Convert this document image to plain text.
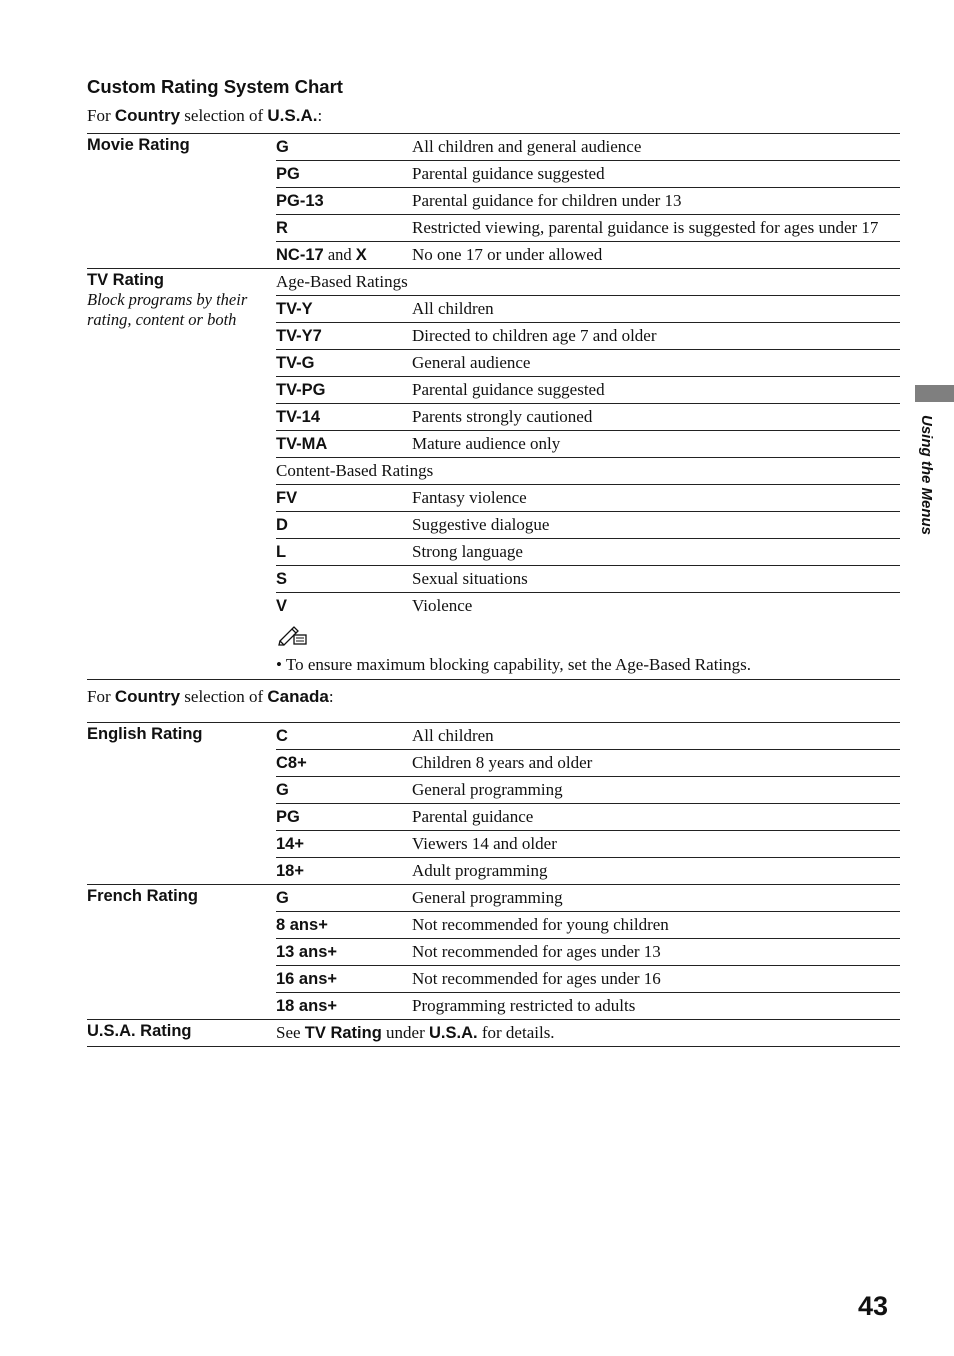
Custom Rating System Chart
For Country selection of U.S.A.:
Movie Rating	G	All children and general audience
PG	Parental guidance suggested
PG-13	Parental guidance for children under 13
R	Restricted viewing, parental guidance is suggested for ages under 17
NC-17 and X	No one 17 or under allowed
TV Rating
Block programs by their rating, content or both
Age-Based Ratings
TV-Y	All children
TV-Y7	Directed to children age 7 and older
TV-G	General audience
TV-PG	Parental guidance suggested
TV-14	Parents strongly cautioned
TV-MA	Mature audience only
Content-Based Ratings
FV	Fantasy violence
D	Suggestive dialogue
L	Strong language
S	Sexual situations
V	Violence
• To ensure maximum blocking capability, set the Age-Based Ratings.
For Country selection of Canada:
English Rating	C	All children
C8+	Children 8 years and older
G	General programming
PG	Parental guidance
14+	Viewers 14 and older
18+	Adult programming
French Rating	G	General programming
8 ans+	Not recommended for young children
13 ans+	Not recommended for ages under 13
16 ans+	Not recommended for ages under 16
18 ans+	Programming restricted to adults
U.S.A. Rating	See TV Rating under U.S.A. for details.
Using the Menus
43
